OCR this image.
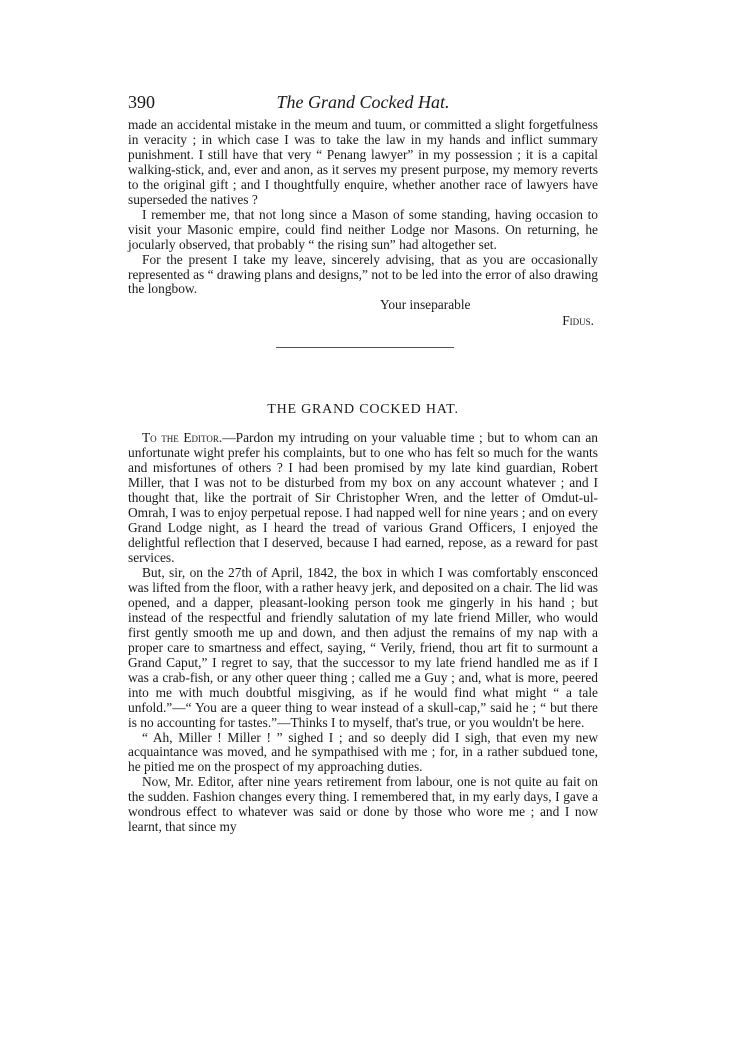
390	The Grand Cocked Hat.

made an accidental mistake in the meum and tuum, or committed a slight forgetfulness in veracity ; in which case I was to take the law in my hands and inflict summary punishment. I still have that very “ Penang lawyer” in my possession ; it is a capital walking-stick, and, ever and anon, as it serves my present purpose, my memory reverts to the original gift ; and I thoughtfully enquire, whether another race of lawyers have superseded the natives ?

I remember me, that not long since a Mason of some standing, having occasion to visit your Masonic empire, could find neither Lodge nor Masons. On returning, he jocularly observed, that probably “ the rising sun” had altogether set.

For the present I take my leave, sincerely advising, that as you are occasionally represented as “ drawing plans and designs,” not to be led into the error of also drawing the longbow.

Your inseparable
Fidus.
THE GRAND COCKED HAT.

To the Editor.—Pardon my intruding on your valuable time ; but to whom can an unfortunate wight prefer his complaints, but to one who has felt so much for the wants and misfortunes of others ? I had been promised by my late kind guardian, Robert Miller, that I was not to be disturbed from my box on any account whatever ; and I thought that, like the portrait of Sir Christopher Wren, and the letter of Omdut-ul-Omrah, I was to enjoy perpetual repose. I had napped well for nine years ; and on every Grand Lodge night, as I heard the tread of various Grand Officers, I enjoyed the delightful reflection that I deserved, because I had earned, repose, as a reward for past services.

But, sir, on the 27th of April, 1842, the box in which I was comfortably ensconced was lifted from the floor, with a rather heavy jerk, and deposited on a chair. The lid was opened, and a dapper, pleasant-looking person took me gingerly in his hand ; but instead of the respectful and friendly salutation of my late friend Miller, who would first gently smooth me up and down, and then adjust the remains of my nap with a proper care to smartness and effect, saying, “ Verily, friend, thou art fit to surmount a Grand Caput,” I regret to say, that the successor to my late friend handled me as if I was a crab-fish, or any other queer thing ; called me a Guy ; and, what is more, peered into me with much doubtful misgiving, as if he would find what might “ a tale unfold.”—“ You are a queer thing to wear instead of a skull-cap,” said he ; “ but there is no accounting for tastes.”—Thinks I to myself, that's true, or you wouldn't be here.

“ Ah, Miller ! Miller ! ” sighed I ; and so deeply did I sigh, that even my new acquaintance was moved, and he sympathised with me ; for, in a rather subdued tone, he pitied me on the prospect of my approaching duties.

Now, Mr. Editor, after nine years retirement from labour, one is not quite au fait on the sudden. Fashion changes every thing. I remembered that, in my early days, I gave a wondrous effect to whatever was said or done by those who wore me ; and I now learnt, that since my
